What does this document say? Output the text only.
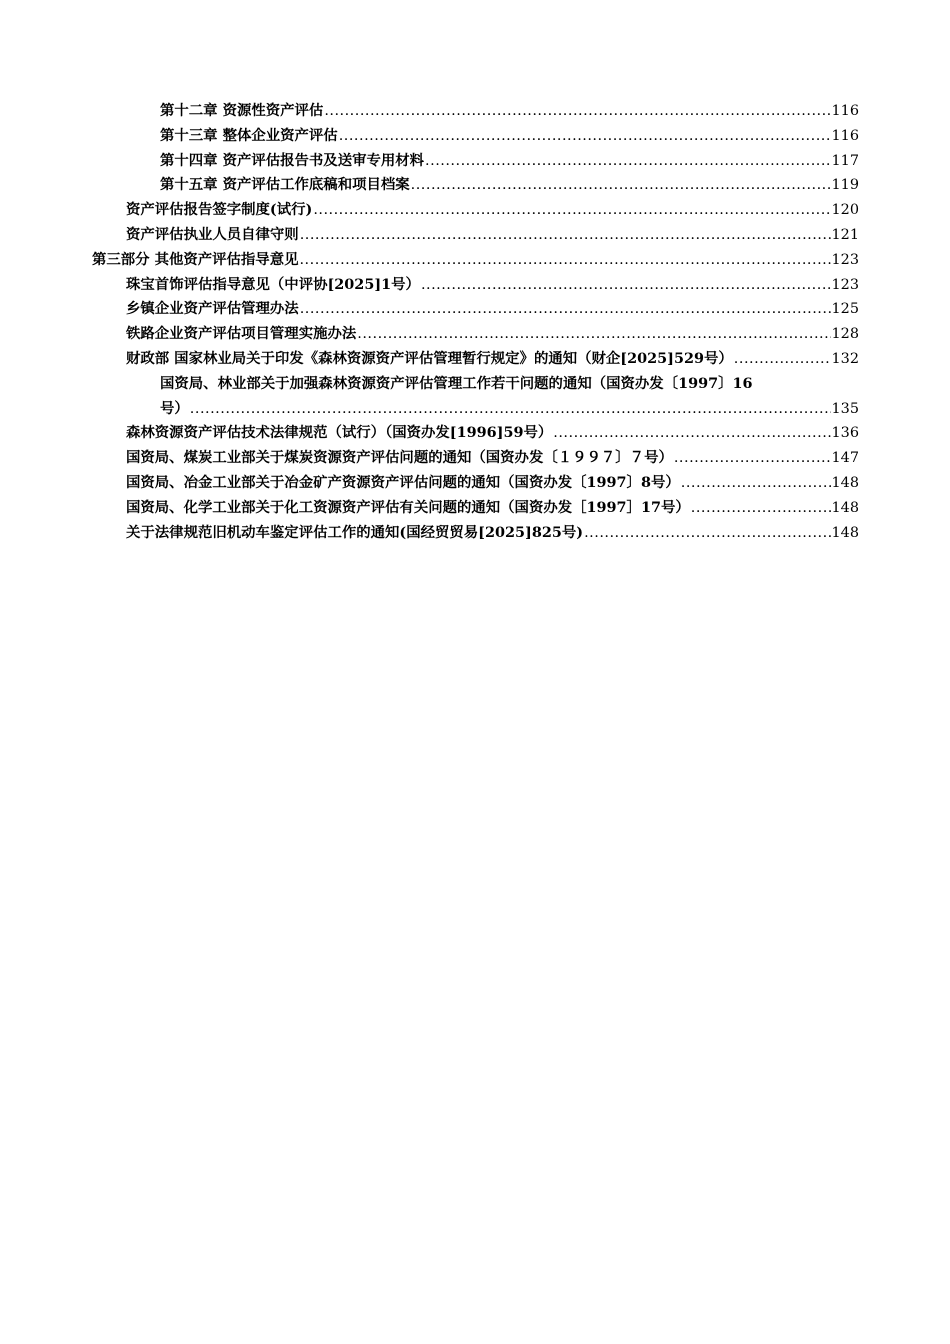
第十二章 资源性资产评估 .....	116
第十三章 整体企业资产评估 .....	116
第十四章 资产评估报告书及送审专用材料 .....	117
第十五章 资产评估工作底稿和项目档案 .....	119
资产评估报告签字制度(试行) .....	120
资产评估执业人员自律守则 .....	121
第三部分 其他资产评估指导意见 .....	123
珠宝首饰评估指导意见（中评协[2025]1号） .....	123
乡镇企业资产评估管理办法 .....	125
铁路企业资产评估项目管理实施办法 .....	128
财政部 国家林业局关于印发《森林资源资产评估管理暂行规定》的通知（财企[2025]529号） .....	132
国资局、林业部关于加强森林资源资产评估管理工作若干问题的通知（国资办发〔1997〕16
号） .....	135
森林资源资产评估技术法律规范（试行）（国资办发[1996]59号） .....	136
国资局、煤炭工业部关于煤炭资源资产评估问题的通知（国资办发〔１９９７〕７号） .....	147
国资局、冶金工业部关于冶金矿产资源资产评估问题的通知（国资办发〔1997〕8号） .....	148
国资局、化学工业部关于化工资源资产评估有关问题的通知（国资办发［1997］17号） .....	148
关于法律规范旧机动车鉴定评估工作的通知(国经贸贸易[2025]825号) .....	148
